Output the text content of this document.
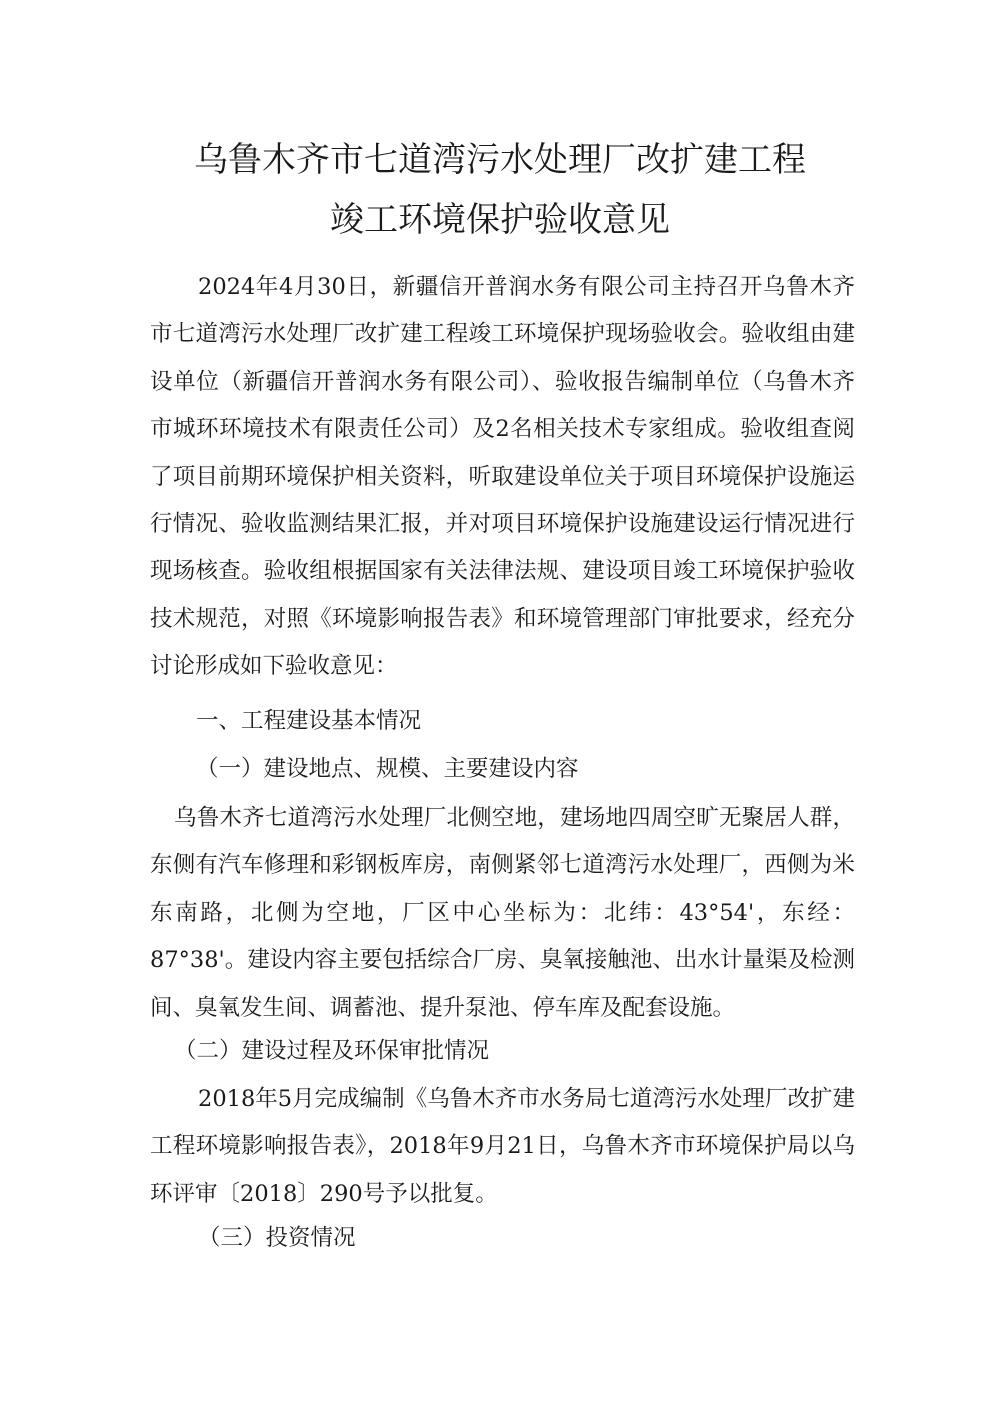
乌鲁木齐市七道湾污水处理厂改扩建工程
竣工环境保护验收意见

2024年4月30日，新疆信开普润水务有限公司主持召开乌鲁木齐市七道湾污水处理厂改扩建工程竣工环境保护现场验收会。验收组由建设单位（新疆信开普润水务有限公司）、验收报告编制单位（乌鲁木齐市城环环境技术有限责任公司）及2名相关技术专家组成。验收组查阅了项目前期环境保护相关资料，听取建设单位关于项目环境保护设施运行情况、验收监测结果汇报，并对项目环境保护设施建设运行情况进行现场核查。验收组根据国家有关法律法规、建设项目竣工环境保护验收技术规范，对照《环境影响报告表》和环境管理部门审批要求，经充分讨论形成如下验收意见：

一、工程建设基本情况

（一）建设地点、规模、主要建设内容

乌鲁木齐七道湾污水处理厂北侧空地，建场地四周空旷无聚居人群，东侧有汽车修理和彩钢板库房，南侧紧邻七道湾污水处理厂，西侧为米东南路，北侧为空地，厂区中心坐标为：北纬：43°54'，东经：87°38'。建设内容主要包括综合厂房、臭氧接触池、出水计量渠及检测间、臭氧发生间、调蓄池、提升泵池、停车库及配套设施。

（二）建设过程及环保审批情况

2018年5月完成编制《乌鲁木齐市水务局七道湾污水处理厂改扩建工程环境影响报告表》，2018年9月21日，乌鲁木齐市环境保护局以乌环评审〔2018〕290号予以批复。

（三）投资情况
